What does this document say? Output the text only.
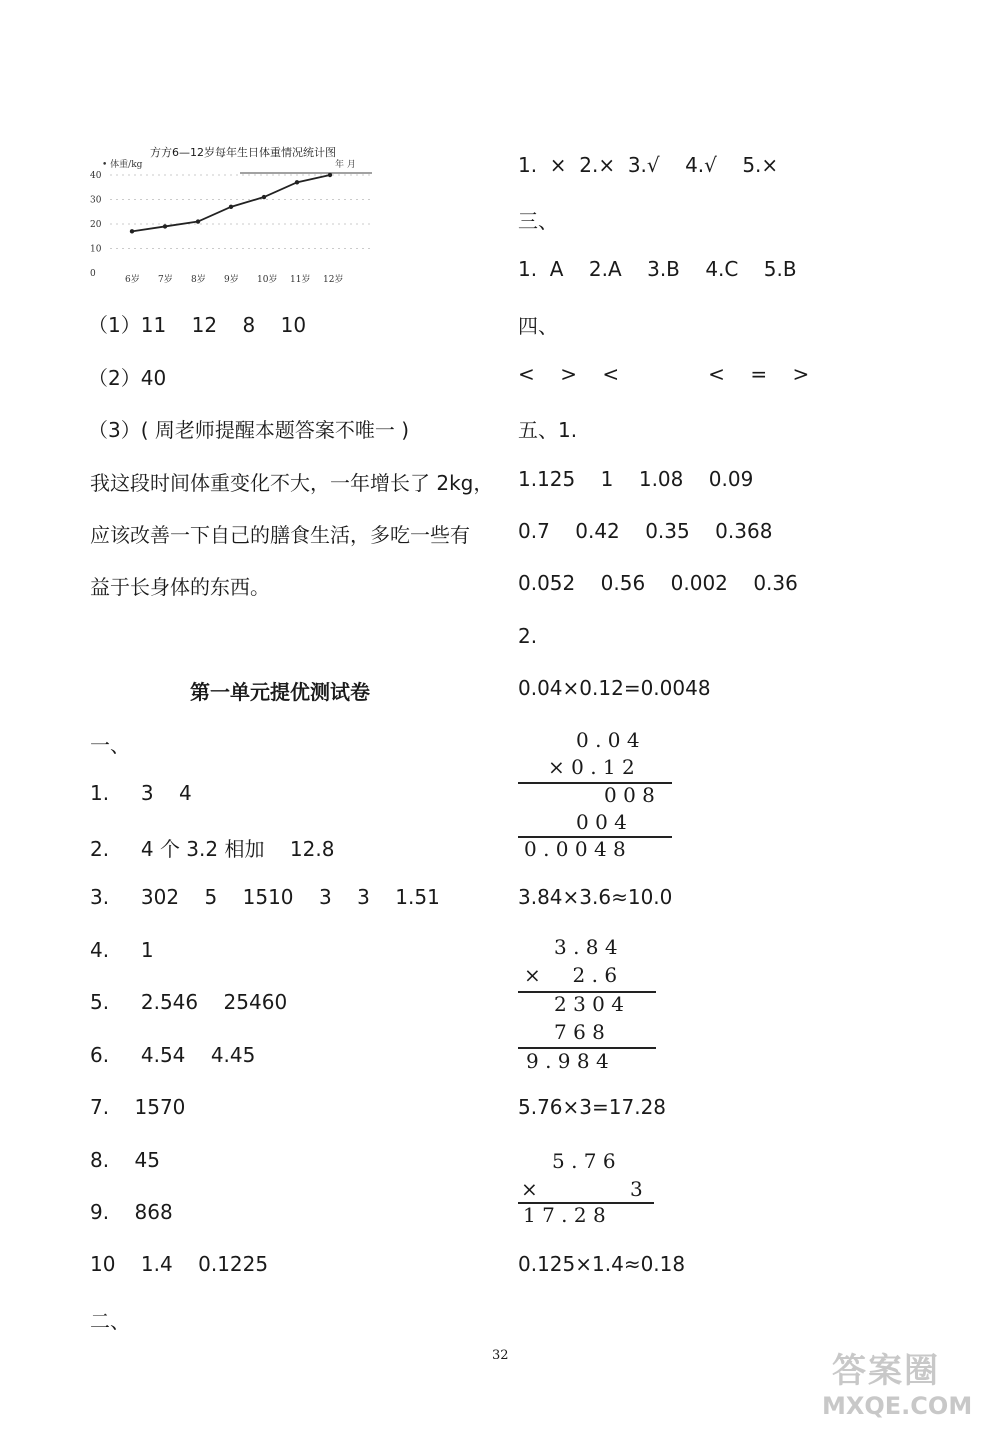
方方6—12岁每年生日体重情况统计图
• 体重/kg	年 月
40
30
20
10
0
6岁 7岁 8岁 9岁 10岁 11岁 12岁
（1）11    12    8    10
（2）40
（3）( 周老师提醒本题答案不唯一 )
我这段时间体重变化不大，一年增长了 2kg，
应该改善一下自己的膳食生活，多吃一些有
益于长身体的东西。
第一单元提优测试卷
一、
1.     3    4
2.     4 个 3.2 相加    12.8
3.     302    5    1510    3    3    1.51
4.     1
5.     2.546    25460
6.     4.54    4.45
7.    1570
8.    45
9.    868
10    1.4    0.1225
二、
1.  ×  2.×  3.√    4.√    5.×
三、
1.  A    2.A    3.B    4.C    5.B
四、
<    >    <              <    =    >
五、1.
1.125    1    1.08    0.09
0.7    0.42    0.35    0.368
0.052    0.56    0.002    0.36
2.
0.04×0.12=0.0048
0 . 0 4
× 0 . 1 2
0 0 8
0 0 4
0 . 0 0 4 8
3.84×3.6≈10.0
3 . 8 4
×     2 . 6
2 3 0 4
7 6 8
9 . 9 8 4
5.76×3=17.28
5 . 7 6
×	3
1 7 . 2 8
0.125×1.4≈0.18
32	答案圈
MXQE.COM
